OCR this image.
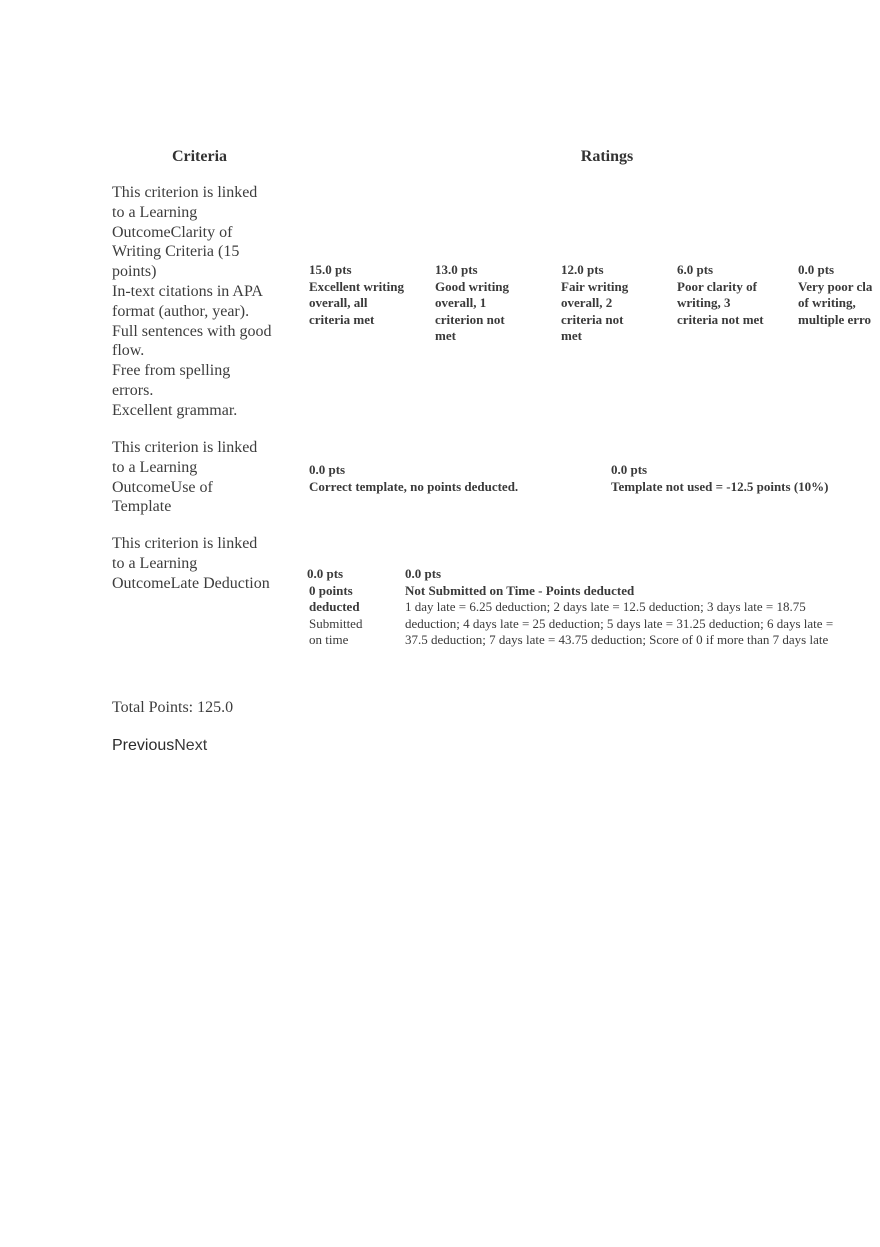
Criteria	Ratings
This criterion is linked
to a Learning
OutcomeClarity of
Writing Criteria (15
points)
In-text citations in APA
format (author, year).
Full sentences with good
flow.
Free from spelling
errors.
Excellent grammar.
15.0 pts
Excellent writing
overall, all
criteria met
13.0 pts
Good writing
overall, 1
criterion not
met
12.0 pts
Fair writing
overall, 2
criteria not
met
6.0 pts
Poor clarity of
writing, 3
criteria not met
0.0 pts
Very poor cla
of writing,
multiple erro
This criterion is linked
to a Learning
OutcomeUse of
Template
0.0 pts
Correct template, no points deducted.
0.0 pts
Template not used = -12.5 points (10%)
This criterion is linked
to a Learning
OutcomeLate Deduction
0.0 pts
0 points
deducted
Submitted
on time
0.0 pts
Not Submitted on Time - Points deducted
1 day late = 6.25 deduction; 2 days late = 12.5 deduction; 3 days late = 18.75
deduction; 4 days late = 25 deduction; 5 days late = 31.25 deduction; 6 days late =
37.5 deduction; 7 days late = 43.75 deduction; Score of 0 if more than 7 days late
Total Points: 125.0
PreviousNext
